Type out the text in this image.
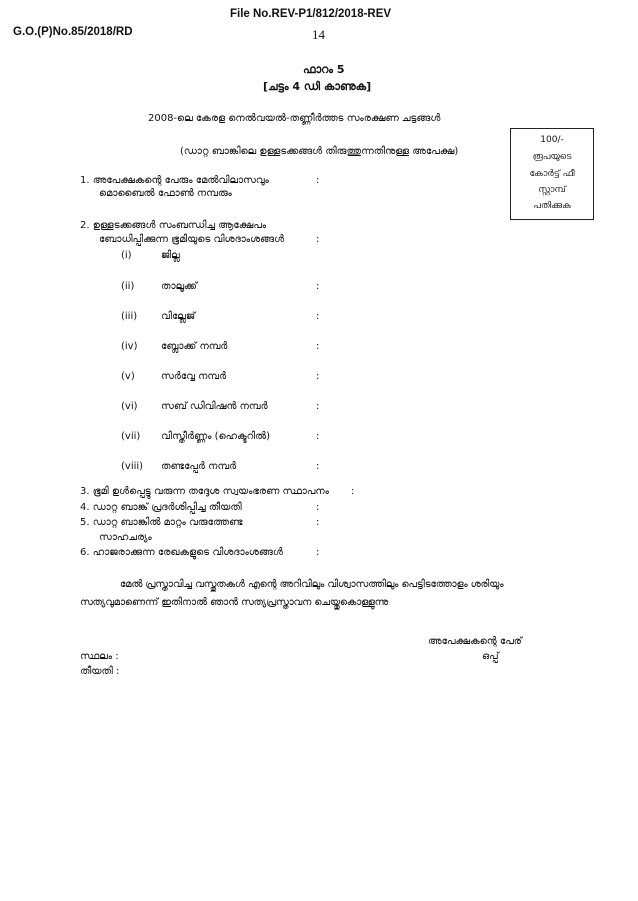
File No.REV-P1/812/2018-REV
G.O.(P)No.85/2018/RD	14
ഫാറം 5
[ചട്ടം 4 ഡി കാണുക]
2008-ലെ കേരള നെൽവയൽ-തണ്ണീർത്തട സംരക്ഷണ ചട്ടങ്ങൾ
(ഡാറ്റ ബാങ്കിലെ ഉള്ളടക്കങ്ങൾ തിരുത്തുന്നതിനുള്ള അപേക്ഷ)
100/-
രൂപയുടെ
കോർട്ട് ഫീ
സ്റ്റാമ്പ്
പതിക്കുക
1. അപേക്ഷകന്റെ പേരും മേൽവിലാസവും	:
മൊബൈൽ ഫോൺ നമ്പരും
2. ഉള്ളടക്കങ്ങൾ സംബന്ധിച്ച ആക്ഷേപം
ബോധിപ്പിക്കുന്ന ഭൂമിയുടെ വിശദാംശങ്ങൾ	:
(i)	ജില്ല
(ii)	താലൂക്ക്	:
(iii) വില്ലേജ്	:
(iv) ബ്ലോക്ക് നമ്പർ	:
(v)	സർവ്വേ നമ്പർ	:
(vi) സബ് ഡിവിഷൻ നമ്പർ	:
(vii) വിസ്തീർണ്ണം (ഹെക്ടറിൽ)	:
(viii) തണ്ടപ്പേർ നമ്പർ	:
3. ഭൂമി ഉൾപ്പെട്ടു വരുന്ന തദ്ദേശ സ്വയംഭരണ സ്ഥാപനം :
4. ഡാറ്റ ബാങ്ക് പ്രദർശിപ്പിച്ച തീയതി	:
5. ഡാറ്റ ബാങ്കിൽ മാറ്റം വരുത്തേണ്ട	:
സാഹചര്യം
6. ഹാജരാക്കുന്ന രേഖകളുടെ വിശദാംശങ്ങൾ	:
മേൽ പ്രസ്താവിച്ച വസ്തുതകൾ എന്റെ അറിവിലും വിശ്വാസത്തിലും പെട്ടിടത്തോളം ശരിയും
സത്യവുമാണെന്ന് ഇതിനാൽ ഞാൻ സത്യപ്രസ്താവന ചെയ്തുകൊള്ളുന്നു
അപേക്ഷകന്റെ പേര്
സ്ഥലം :	ഒപ്പ്
തീയതി :
